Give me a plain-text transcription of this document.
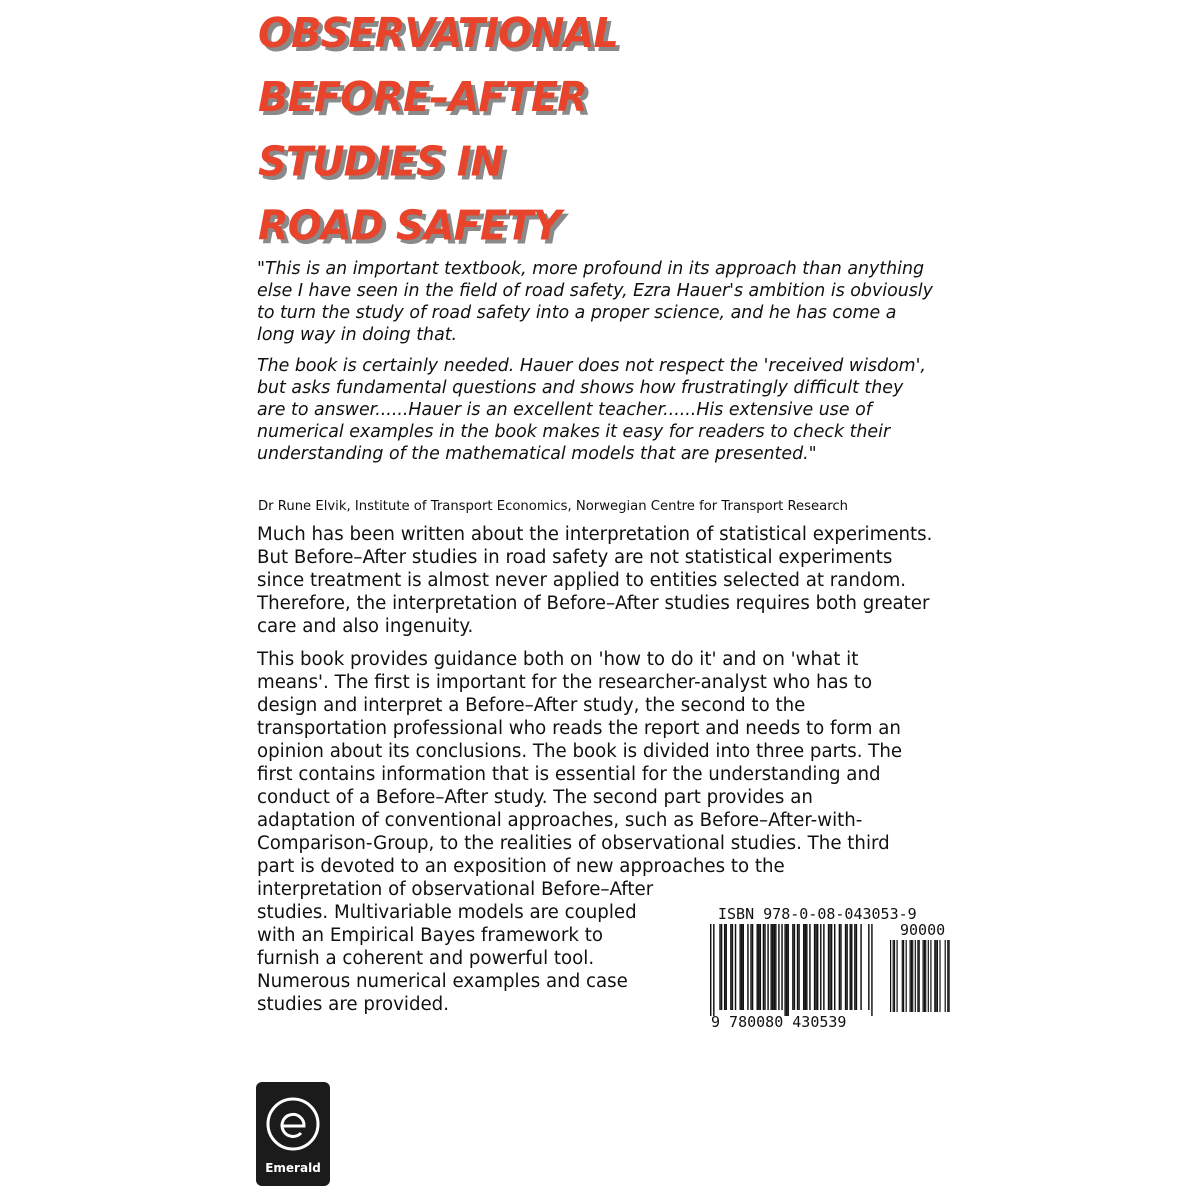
OBSERVATIONAL
BEFORE–AFTER
STUDIES IN
ROAD SAFETY

"This is an important textbook, more profound in its approach than anything else I have seen in the field of road safety, Ezra Hauer's ambition is obviously to turn the study of road safety into a proper science, and he has come a long way in doing that.

The book is certainly needed. Hauer does not respect the 'received wisdom', but asks fundamental questions and shows how frustratingly difficult they are to answer......Hauer is an excellent teacher......His extensive use of numerical examples in the book makes it easy for readers to check their understanding of the mathematical models that are presented."

Dr Rune Elvik, Institute of Transport Economics, Norwegian Centre for Transport Research

Much has been written about the interpretation of statistical experiments. But Before–After studies in road safety are not statistical experiments since treatment is almost never applied to entities selected at random. Therefore, the interpretation of Before–After studies requires both greater care and also ingenuity.

This book provides guidance both on 'how to do it' and on 'what it
means'. The first is important for the researcher-analyst who has to
design and interpret a Before–After study, the second to the
transportation professional who reads the report and needs to form an
opinion about its conclusions. The book is divided into three parts. The
first contains information that is essential for the understanding and
conduct of a Before–After study. The second part provides an
adaptation of conventional approaches, such as Before–After-with-
Comparison-Group, to the realities of observational studies. The third
part is devoted to an exposition of new approaches to the
interpretation of observational Before–After
studies. Multivariable models are coupled
with an Empirical Bayes framework to
furnish a coherent and powerful tool.
Numerous numerical examples and case
studies are provided.

ISBN 978-0-08-043053-9
90000
9 780080 430539
Emerald
